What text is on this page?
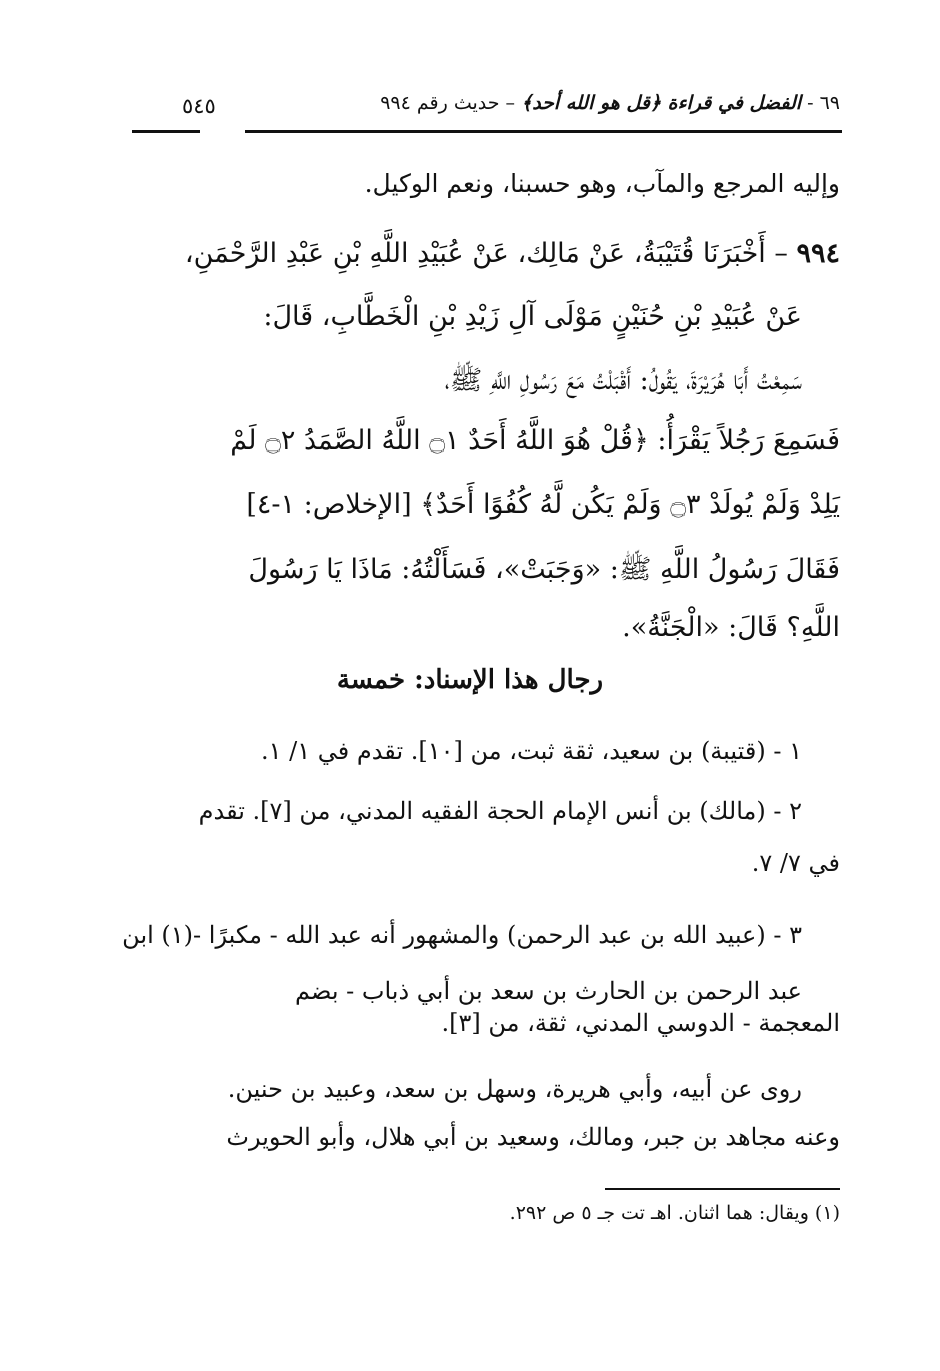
٦٩ - الفضل في قراءة ﴿قل هو الله أحد﴾ – حديث رقم ٩٩٤
٥٤٥
وإليه المرجع والمآب، وهو حسبنا، ونعم الوكيل.
٩٩٤ – أَخْبَرَنَا قُتَيْبَةُ، عَنْ مَالِك، عَنْ عُبَيْدِ اللَّهِ بْنِ عَبْدِ الرَّحْمَنِ،
عَنْ عُبَيْدِ بْنِ حُنَيْنٍ مَوْلَى آلِ زَيْدِ بْنِ الْخَطَّابِ، قَالَ:
سَمِعْتُ أَبَا هُرَيْرَةَ، يَقُولُ: أَقْبَلْتُ مَعَ رَسُولِ اللَّهِ ﷺ،
فَسَمِعَ رَجُلاً يَقْرَأُ: ﴿قُلْ هُوَ اللَّهُ أَحَدٌ ۝١ اللَّهُ الصَّمَدُ ۝٢ لَمْ
يَلِدْ وَلَمْ يُولَدْ ۝٣ وَلَمْ يَكُن لَّهُ كُفُوًا أَحَدٌ﴾ [الإخلاص: ١-٤]
فَقَالَ رَسُولُ اللَّهِ ﷺ: «وَجَبَتْ»، فَسَأَلْتُهُ: مَاذَا يَا رَسُولَ
اللَّهِ؟ قَالَ: «الْجَنَّةُ».
رجال هذا الإسناد: خمسة
١ - (قتيبة) بن سعيد، ثقة ثبت، من [١٠]. تقدم في ١/ ١.
٢ - (مالك) بن أنس الإمام الحجة الفقيه المدني، من [٧]. تقدم
في ٧/ ٧.
٣ - (عبيد الله بن عبد الرحمن) والمشهور أنه عبد الله - مكبرًا -(١) ابن عبد الرحمن بن الحارث بن سعد بن أبي ذباب - بضم
المعجمة - الدوسي المدني، ثقة، من [٣].
روى عن أبيه، وأبي هريرة، وسهل بن سعد، وعبيد بن حنين.
وعنه مجاهد بن جبر، ومالك، وسعيد بن أبي هلال، وأبو الحويرث
(١) ويقال: هما اثنان. اهـ تت جـ ٥ ص ٢٩٢.
